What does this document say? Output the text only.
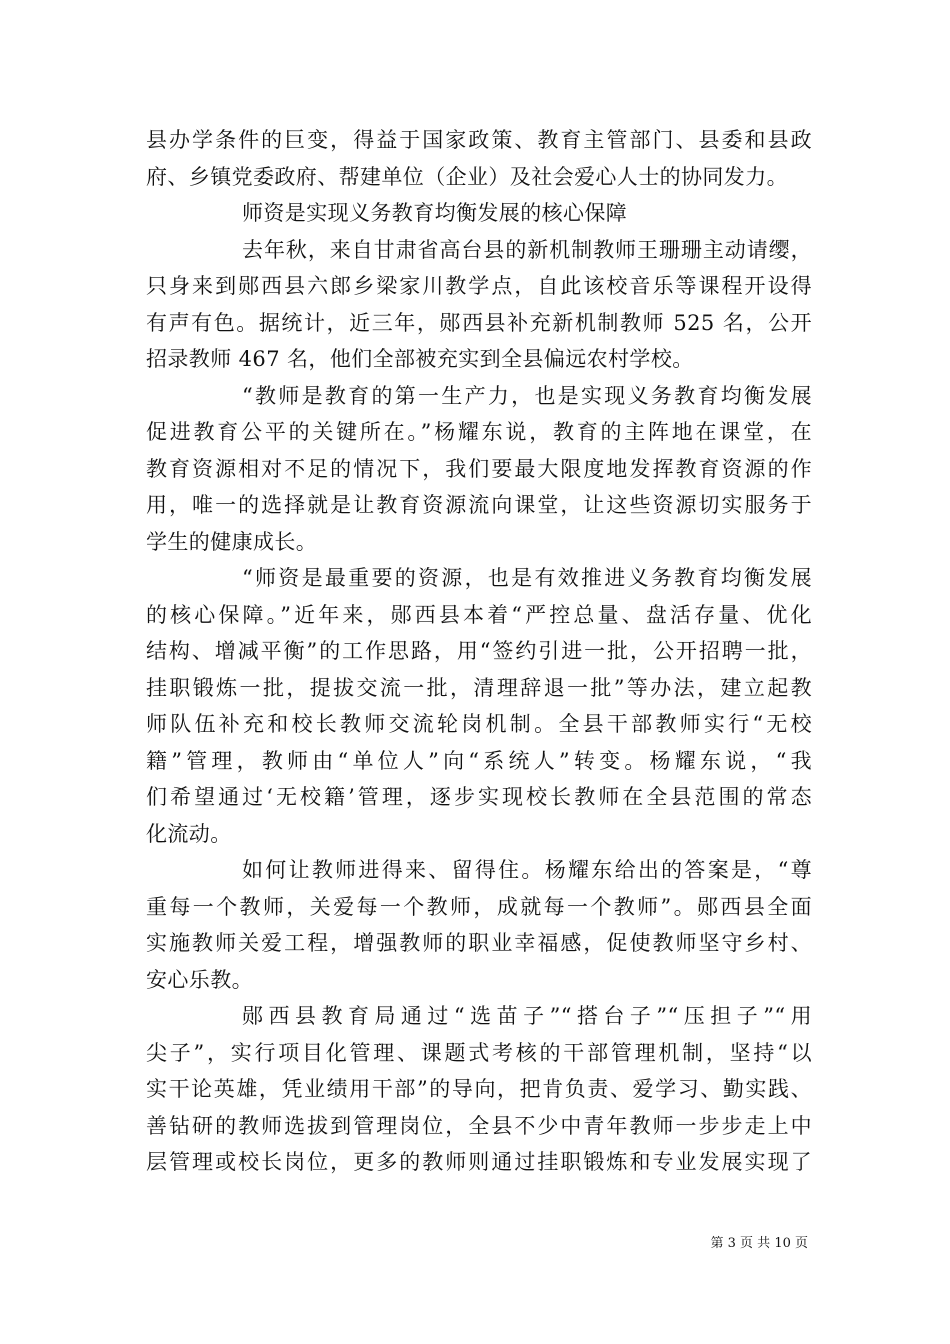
县办学条件的巨变，得益于国家政策、教育主管部门、县委和县政
府、乡镇党委政府、帮建单位（企业）及社会爱心人士的协同发力。

师资是实现义务教育均衡发展的核心保障

去年秋，来自甘肃省高台县的新机制教师王珊珊主动请缨，
只身来到郧西县六郎乡梁家川教学点，自此该校音乐等课程开设得
有声有色。据统计，近三年，郧西县补充新机制教师 525 名，公开
招录教师 467 名，他们全部被充实到全县偏远农村学校。

“教师是教育的第一生产力，也是实现义务教育均衡发展
促进教育公平的关键所在。”杨耀东说，教育的主阵地在课堂，在
教育资源相对不足的情况下，我们要最大限度地发挥教育资源的作
用，唯一的选择就是让教育资源流向课堂，让这些资源切实服务于
学生的健康成长。

“师资是最重要的资源，也是有效推进义务教育均衡发展
的核心保障。”近年来，郧西县本着“严控总量、盘活存量、优化
结构、增减平衡”的工作思路，用“签约引进一批，公开招聘一批，
挂职锻炼一批，提拔交流一批，清理辞退一批”等办法，建立起教
师队伍补充和校长教师交流轮岗机制。全县干部教师实行“无校
籍”管理，教师由“单位人”向“系统人”转变。杨耀东说，“我
们希望通过‘无校籍’管理，逐步实现校长教师在全县范围的常态
化流动。

如何让教师进得来、留得住。杨耀东给出的答案是，“尊
重每一个教师，关爱每一个教师，成就每一个教师”。郧西县全面
实施教师关爱工程，增强教师的职业幸福感，促使教师坚守乡村、
安心乐教。

郧西县教育局通过“选苗子”“搭台子”“压担子”“用
尖子”，实行项目化管理、课题式考核的干部管理机制，坚持“以
实干论英雄，凭业绩用干部”的导向，把肯负责、爱学习、勤实践、
善钻研的教师选拔到管理岗位，全县不少中青年教师一步步走上中
层管理或校长岗位，更多的教师则通过挂职锻炼和专业发展实现了

第 3 页 共 10 页
